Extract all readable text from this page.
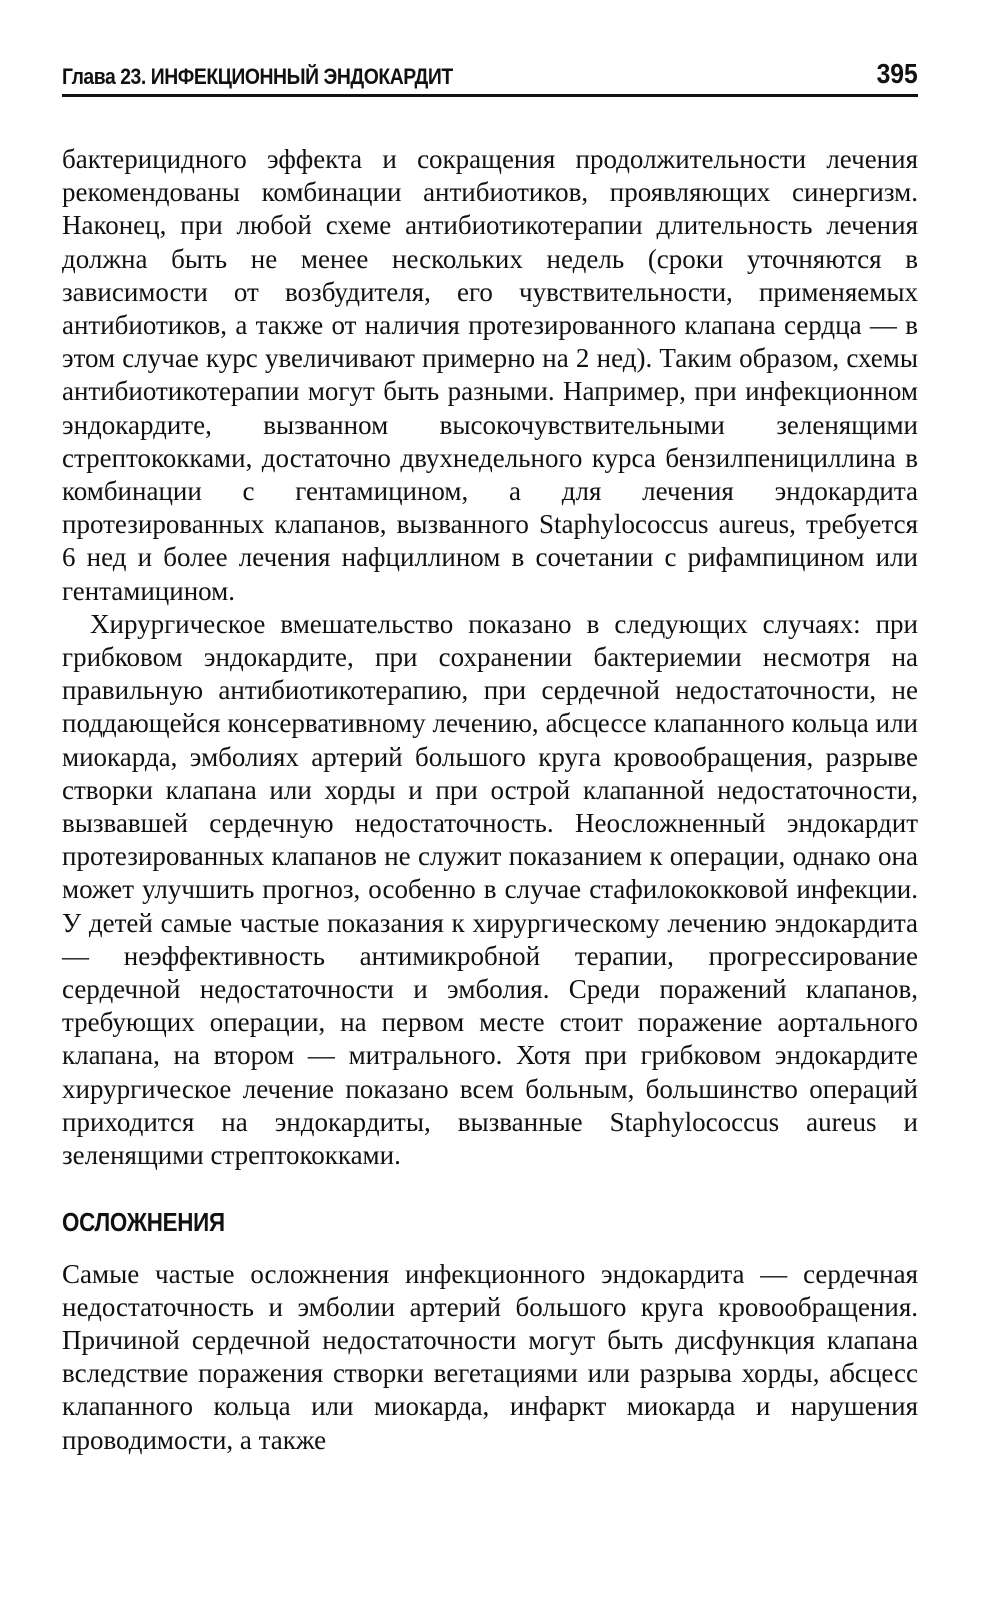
Глава 23. ИНФЕКЦИОННЫЙ ЭНДОКАРДИТ	395

бактерицидного эффекта и сокращения продолжительности лечения рекомендованы комбинации антибиотиков, проявляющих синергизм. Наконец, при любой схеме антибиотикотерапии длительность лечения должна быть не менее нескольких недель (сроки уточняются в зависимости от возбудителя, его чувствительности, применяемых антибиотиков, а также от наличия протезированного клапана сердца — в этом случае курс увеличивают примерно на 2 нед). Таким образом, схемы антибиотикотерапии могут быть разными. Например, при инфекционном эндокардите, вызванном высокочувствительными зеленящими стрептококками, достаточно двухнедельного курса бензилпенициллина в комбинации с гентамицином, а для лечения эндокардита протезированных клапанов, вызванного Staphylococcus aureus, требуется 6 нед и более лечения нафциллином в сочетании с рифампицином или гентамицином.

Хирургическое вмешательство показано в следующих случаях: при грибковом эндокардите, при сохранении бактериемии несмотря на правильную антибиотикотерапию, при сердечной недостаточности, не поддающейся консервативному лечению, абсцессе клапанного кольца или миокарда, эмболиях артерий большого круга кровообращения, разрыве створки клапана или хорды и при острой клапанной недостаточности, вызвавшей сердечную недостаточность. Неосложненный эндокардит протезированных клапанов не служит показанием к операции, однако она может улучшить прогноз, особенно в случае стафилококковой инфекции. У детей самые частые показания к хирургическому лечению эндокардита — неэффективность антимикробной терапии, прогрессирование сердечной недостаточности и эмболия. Среди поражений клапанов, требующих операции, на первом месте стоит поражение аортального клапана, на втором — митрального. Хотя при грибковом эндокардите хирургическое лечение показано всем больным, большинство операций приходится на эндокардиты, вызванные Staphylococcus aureus и зеленящими стрептококками.

ОСЛОЖНЕНИЯ

Самые частые осложнения инфекционного эндокардита — сердечная недостаточность и эмболии артерий большого круга кровообращения. Причиной сердечной недостаточности могут быть дисфункция клапана вследствие поражения створки вегетациями или разрыва хорды, абсцесс клапанного кольца или миокарда, инфаркт миокарда и нарушения проводимости, а также
